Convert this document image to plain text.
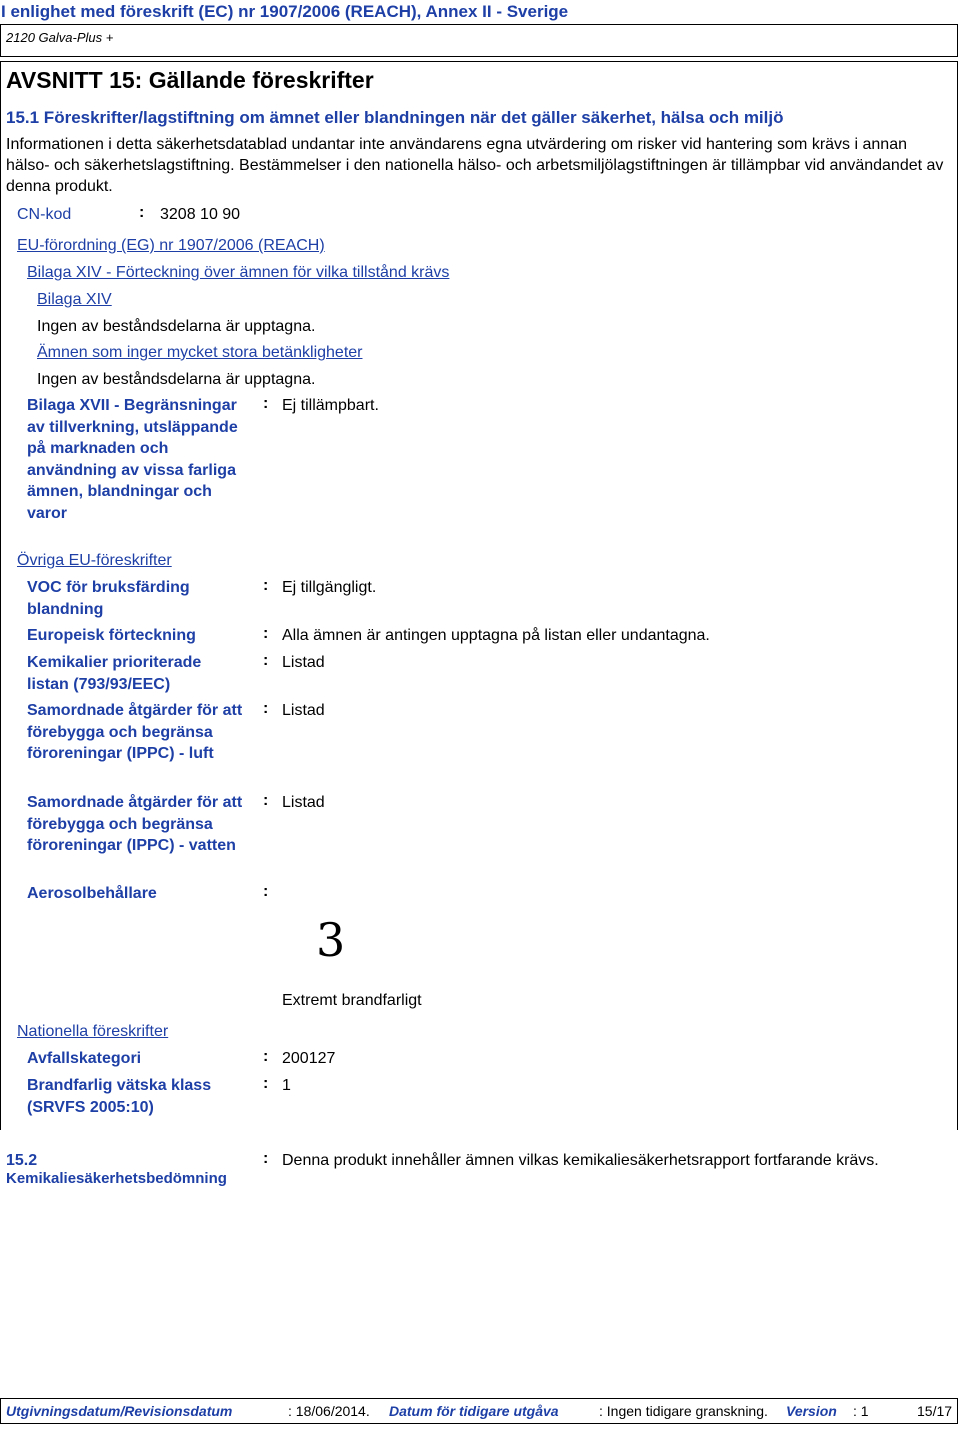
I enlighet med föreskrift (EC) nr 1907/2006 (REACH), Annex II - Sverige
2120 Galva-Plus +
AVSNITT 15: Gällande föreskrifter
15.1 Föreskrifter/lagstiftning om ämnet eller blandningen när det gäller säkerhet, hälsa och miljö
Informationen i detta säkerhetsdatablad undantar inte användarens egna utvärdering om risker vid hantering som krävs i annan hälso- och säkerhetslagstiftning. Bestämmelser i den nationella hälso- och arbetsmiljölagstiftningen är tillämpbar vid användandet av denna produkt.
CN-kod	: 3208 10 90
EU-förordning (EG) nr 1907/2006 (REACH)
Bilaga XIV - Förteckning över ämnen för vilka tillstånd krävs
Bilaga XIV
Ingen av beståndsdelarna är upptagna.
Ämnen som inger mycket stora betänkligheter
Ingen av beståndsdelarna är upptagna.
Bilaga XVII - Begränsningar av tillverkning, utsläppande på marknaden och användning av vissa farliga ämnen, blandningar och varor
: Ej tillämpbart.
Övriga EU-föreskrifter
VOC för bruksfärding blandning
: Ej tillgängligt.
Europeisk förteckning	: Alla ämnen är antingen upptagna på listan eller undantagna.
Kemikalier prioriterade listan (793/93/EEC)
: Listad
Samordnade åtgärder för att förebygga och begränsa föroreningar (IPPC) - luft
: Listad
Samordnade åtgärder för att förebygga och begränsa föroreningar (IPPC) - vatten
: Listad
Aerosolbehållare	:
3
Extremt brandfarligt
Nationella föreskrifter
Avfallskategori	: 200127
Brandfarlig vätska klass (SRVFS 2005:10)
: 1
15.2
Kemikaliesäkerhetsbedömning
: Denna produkt innehåller ämnen vilkas kemikaliesäkerhetsrapport fortfarande krävs.
Utgivningsdatum/Revisionsdatum	: 18/06/2014. Datum för tidigare utgåva	: Ingen tidigare granskning. Version : 1	15/17
